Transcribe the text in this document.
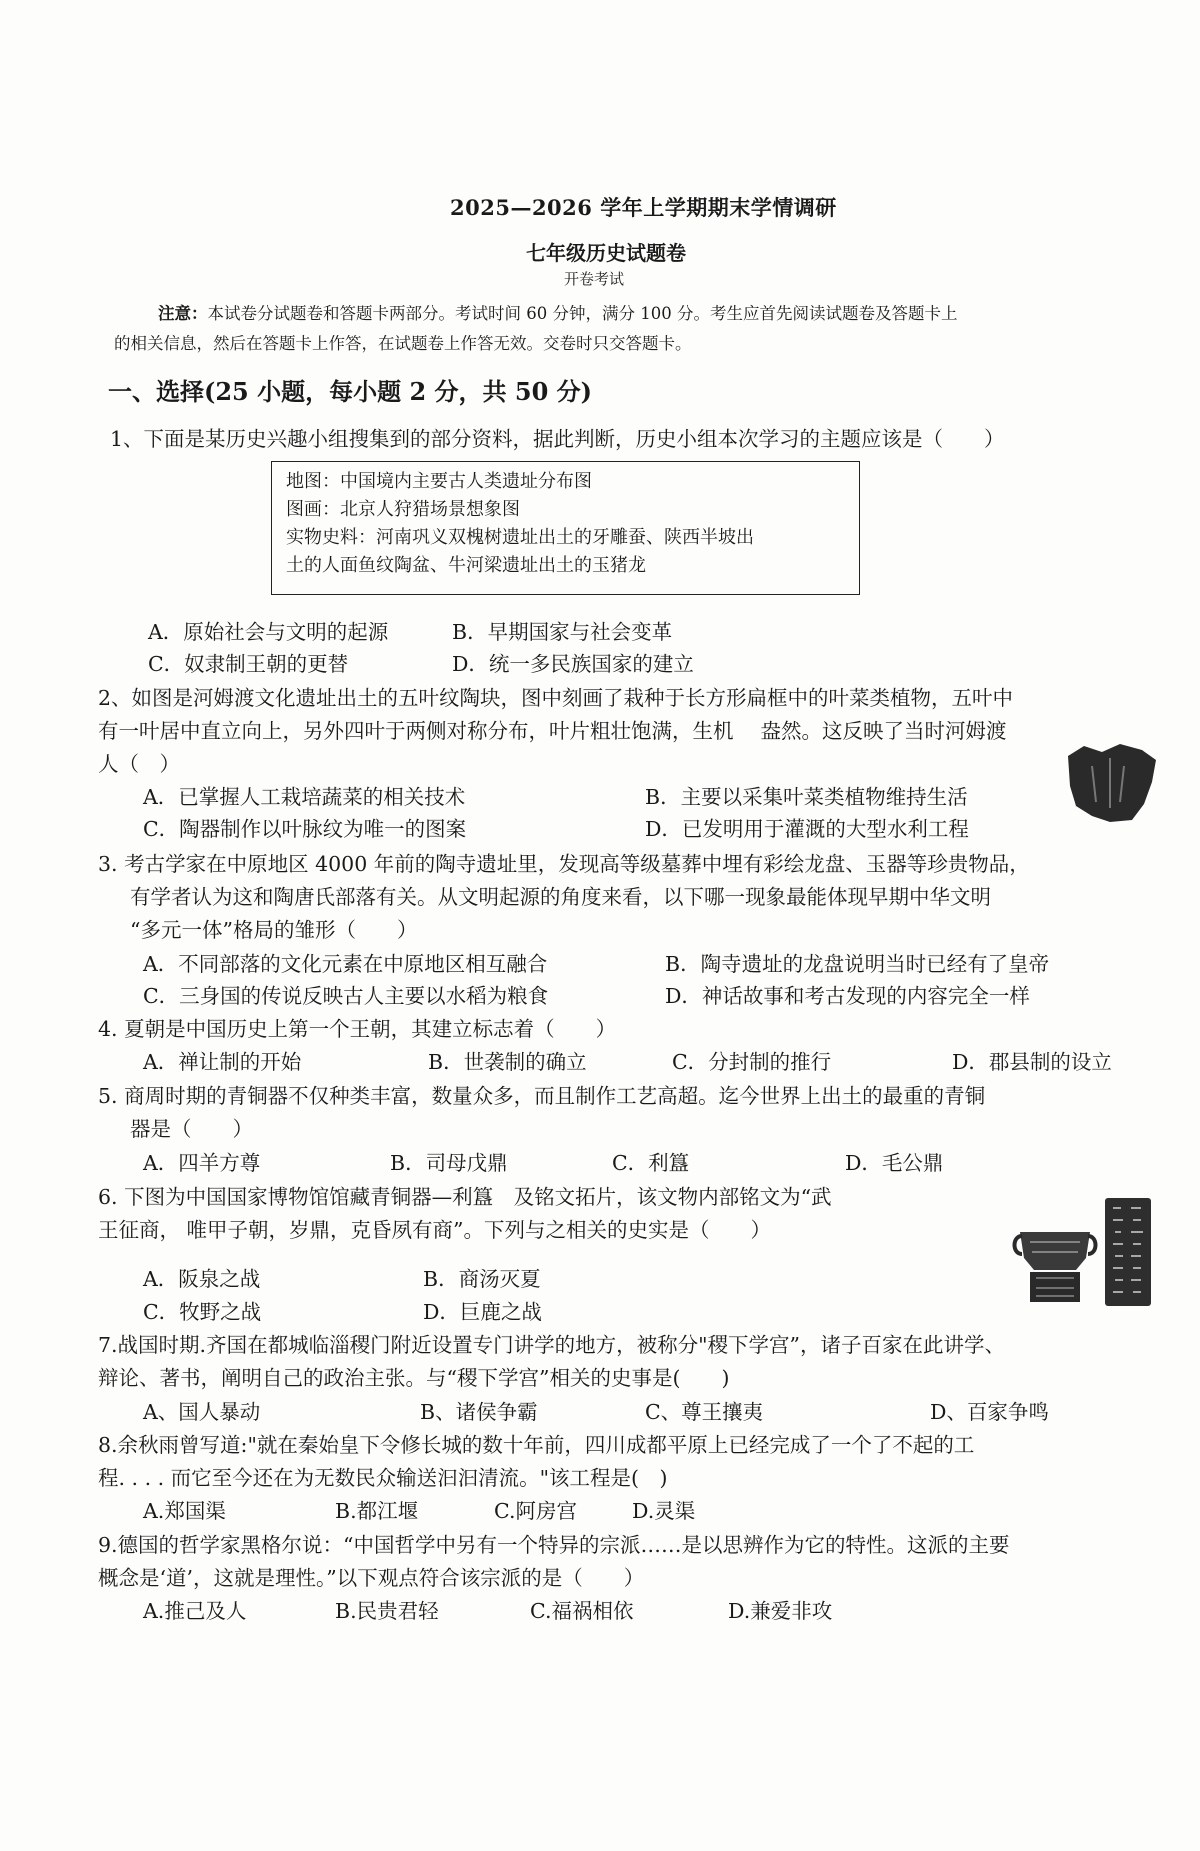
2025—2026 学年上学期期末学情调研
七年级历史试题卷
开卷考试
注意：本试卷分试题卷和答题卡两部分。考试时间 60 分钟，满分 100 分。考生应首先阅读试题卷及答题卡上
的相关信息，然后在答题卡上作答，在试题卷上作答无效。交卷时只交答题卡。
一、选择(25 小题，每小题 2 分，共 50 分)
1、下面是某历史兴趣小组搜集到的部分资料，据此判断，历史小组本次学习的主题应该是（　　）
地图：中国境内主要古人类遗址分布图
图画：北京人狩猎场景想象图
实物史料：河南巩义双槐树遗址出土的牙雕蚕、陕西半坡出
土的人面鱼纹陶盆、牛河梁遗址出土的玉猪龙
A．原始社会与文明的起源	B．早期国家与社会变革
C．奴隶制王朝的更替	D．统一多民族国家的建立
2、如图是河姆渡文化遗址出土的五叶纹陶块，图中刻画了栽种于长方形扁框中的叶菜类植物，五叶中
有一叶居中直立向上，另外四叶于两侧对称分布，叶片粗壮饱满，生机　 盎然。这反映了当时河姆渡
人（　）
A．已掌握人工栽培蔬菜的相关技术	B．主要以采集叶菜类植物维持生活
C．陶器制作以叶脉纹为唯一的图案	D．已发明用于灌溉的大型水利工程
3. 考古学家在中原地区 4000 年前的陶寺遗址里，发现高等级墓葬中埋有彩绘龙盘、玉器等珍贵物品，
有学者认为这和陶唐氏部落有关。从文明起源的角度来看，以下哪一现象最能体现早期中华文明
“多元一体”格局的雏形（　　）
A．不同部落的文化元素在中原地区相互融合	B．陶寺遗址的龙盘说明当时已经有了皇帝
C．三身国的传说反映古人主要以水稻为粮食	D．神话故事和考古发现的内容完全一样
4. 夏朝是中国历史上第一个王朝，其建立标志着（　　）
A．禅让制的开始	B．世袭制的确立	C．分封制的推行	D．郡县制的设立
5. 商周时期的青铜器不仅种类丰富，数量众多，而且制作工艺高超。迄今世界上出土的最重的青铜
器是（　　）
A．四羊方尊	B．司母戊鼎	C．利簋	D．毛公鼎
6. 下图为中国国家博物馆馆藏青铜器—利簋　及铭文拓片，该文物内部铭文为“武
王征商， 唯甲子朝，岁鼎，克昏夙有商”。下列与之相关的史实是（　　）
A．阪泉之战	B．商汤灭夏
C．牧野之战	D．巨鹿之战
7.战国时期.齐国在都城临淄稷门附近设置专门讲学的地方，被称分"稷下学宫”，诸子百家在此讲学、
辩论、著书，阐明自己的政治主张。与“稷下学宫”相关的史事是(　　)
A、国人暴动	B、诸侯争霸	C、尊王攘夷	D、百家争鸣
8.余秋雨曾写道:"就在秦始皇下令修长城的数十年前，四川成都平原上已经完成了一个了不起的工
程. . . . 而它至今还在为无数民众输送汩汩清流。"该工程是(　)
A.郑国渠	B.都江堰	C.阿房宫	D.灵渠
9.德国的哲学家黑格尔说：“中国哲学中另有一个特异的宗派……是以思辨作为它的特性。这派的主要
概念是‘道’，这就是理性。”以下观点符合该宗派的是（　　）
A.推己及人	B.民贵君轻	C.福祸相依	D.兼爱非攻
